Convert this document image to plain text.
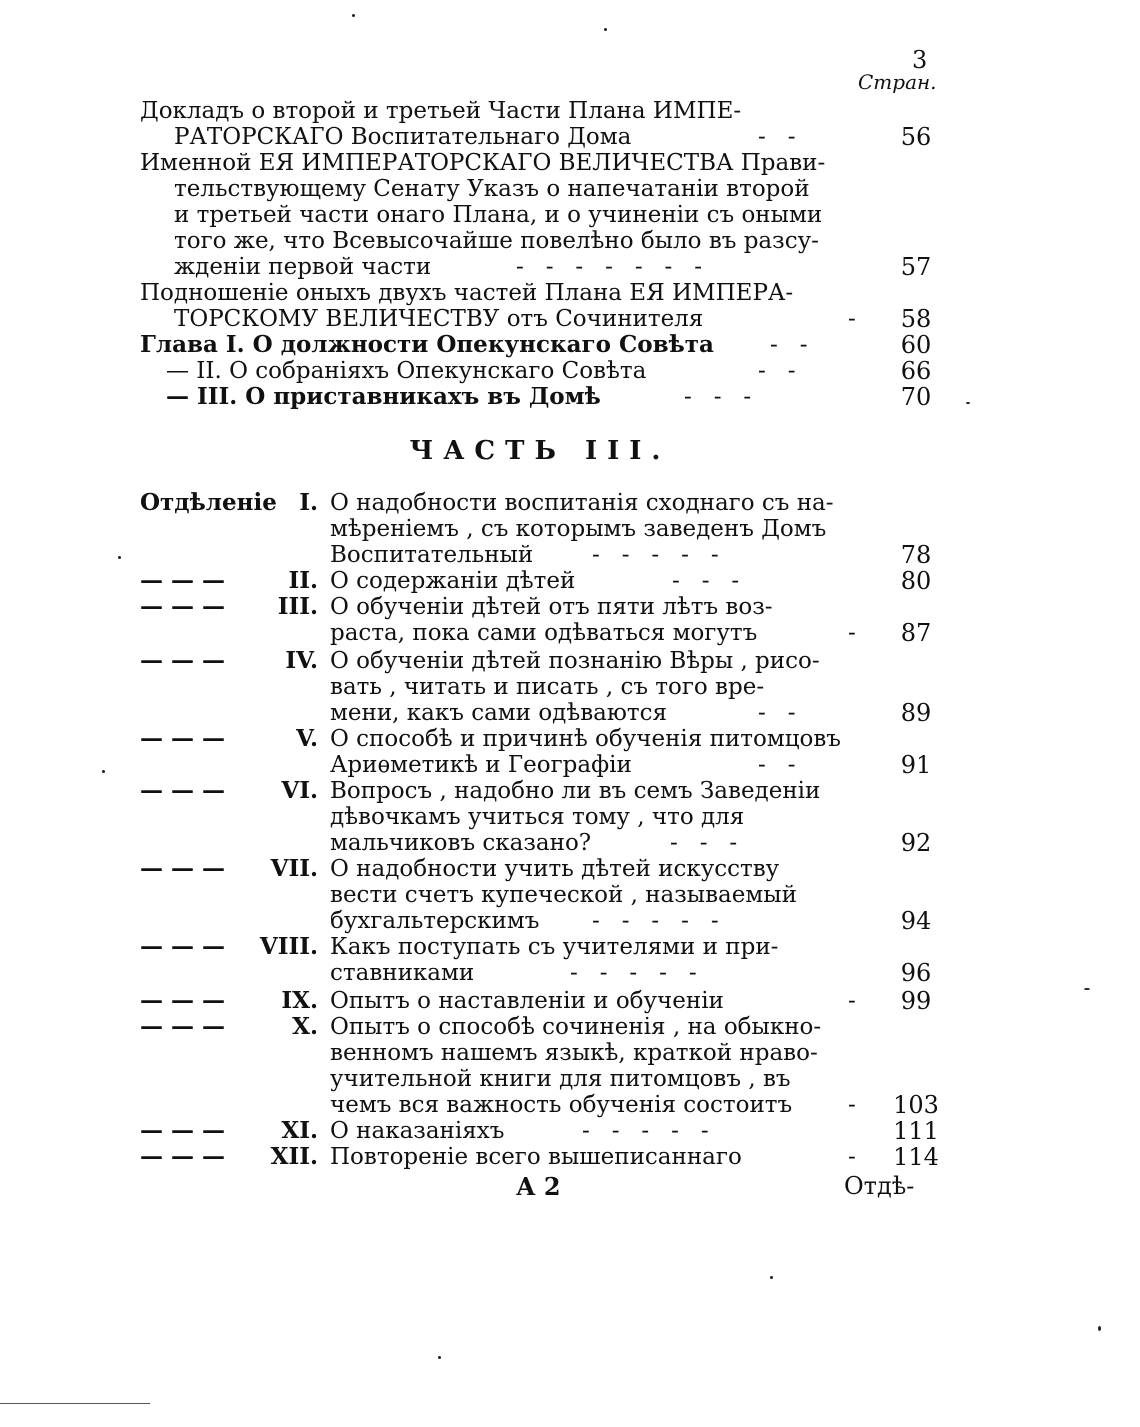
3
Стран.
Докладъ о второй и третьей Части Плана ИМПЕ-
РАТОРСКАГО Воспитательнаго Дома	-   -	56
Именной ЕЯ ИМПЕРАТОРСКАГО ВЕЛИЧЕСТВА Прави-
тельствующему Сенату Указъ о напечатанiи второй
и третьей части онаго Плана, и о учиненiи съ оными
того же, что Всевысочайше повелѣно было въ разсу-
жденiи первой части	-   -   -   -   -   -   -	57
Подношенiе оныхъ двухъ частей Плана ЕЯ ИМПЕРА-
ТОРСКОМУ ВЕЛИЧЕСТВУ отъ Сочинителя	-	58
Глава I. О должности Опекунскаго Совѣта -   -	60
— II. О собранiяхъ Опекунскаго Совѣта	-   -	66
— III. О приставникахъ въ Домѣ	-   -   -	70
ЧАСТЬ III.
Отдѣленiе I. О надобности воспитанiя сходнаго съ на-
мѣренiемъ , съ которымъ заведенъ Домъ
Воспитательный	-   -   -   -   -	78
— — —	II. О содержанiи дѣтей	-   -   -	80
— — —	III. О обученiи дѣтей отъ пяти лѣтъ воз-
раста, пока сами одѣваться могутъ	-	87
— — —	IV. О обученiи дѣтей познанiю Вѣры , рисо-
вать , читать и писать , съ того вре-
мени, какъ сами одѣваются	-   -	89
— — —	V. О способѣ и причинѣ обученiя питомцовъ
Ариѳметикѣ и Географiи	-   -	91
— — —	VI. Вопросъ , надобно ли въ семъ Заведенiи
дѣвочкамъ учиться тому , что для
мальчиковъ сказано?	-   -   -	92
— — —	VII. О надобности учить дѣтей искусству
вести счетъ купеческой , называемый
бухгальтерскимъ -   -   -   -   -	94
— — — VIII. Какъ поступать съ учителями и при-
ставниками	-   -   -   -   -	96
— — —	IX. Опытъ о наставленiи и обученiи	-	99
— — —	X. Опытъ о способѣ сочиненiя , на обыкно-
венномъ нашемъ языкѣ, краткой нраво-
учительной книги для питомцовъ , въ
чемъ вся важность обученiя состоитъ - 103
— — —	XI. О наказанiяхъ	-   -   -   -   -	111
— — —	XII. Повторенiе всего вышеписаннаго	- 114
А 2	Отдѣ-
